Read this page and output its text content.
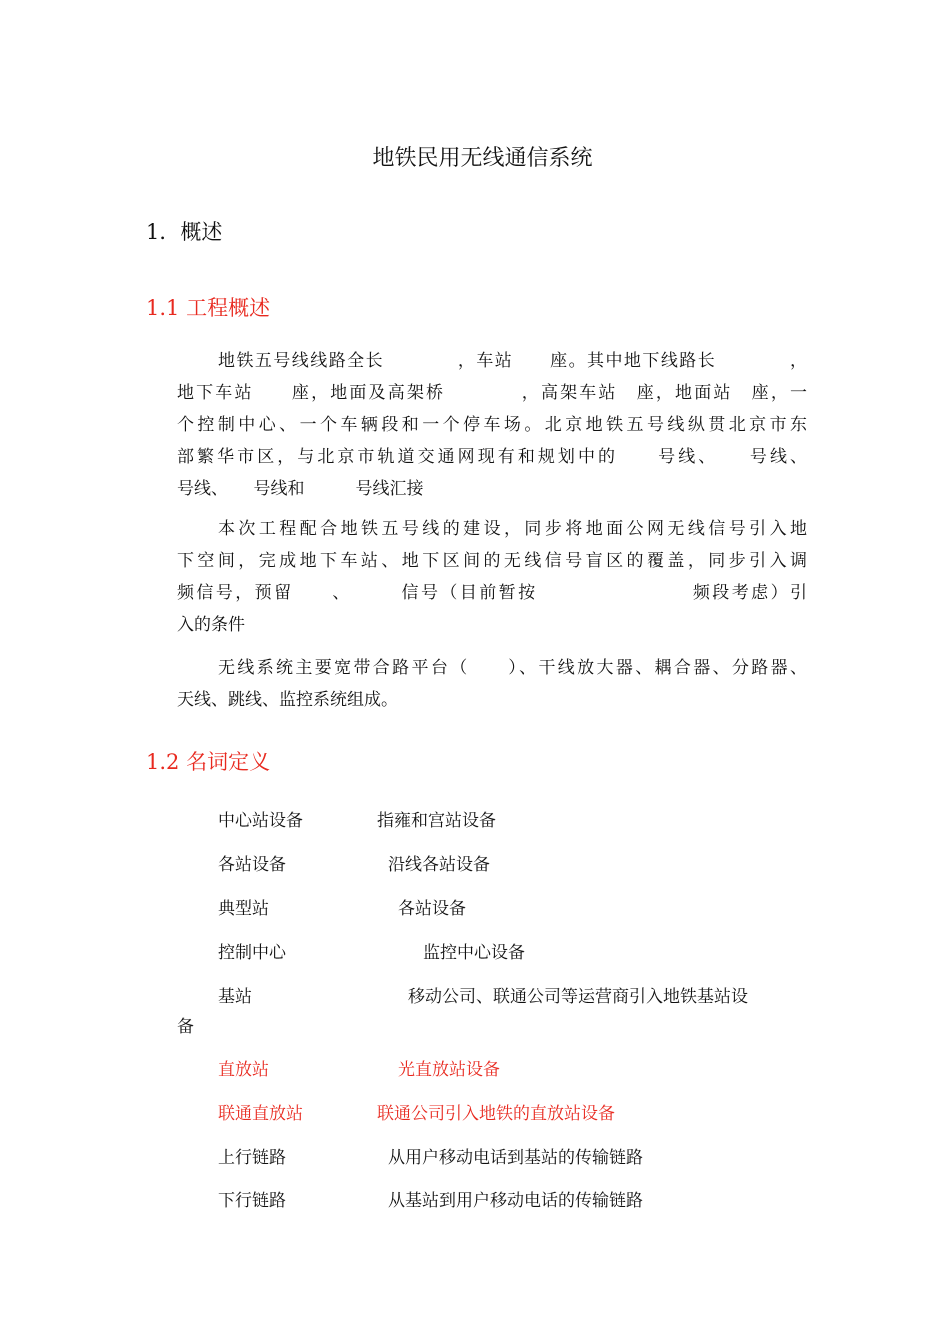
地铁民用无线通信系统
1．概述
1.1 工程概述
地铁五号线线路全长　　　　，车站　　座。其中地下线路长　　　　，
地下车站　　座，地面及高架桥　　　　，高架车站　座，地面站　座，一
个控制中心、一个车辆段和一个停车场。北京地铁五号线纵贯北京市东
部繁华市区，与北京市轨道交通网现有和规划中的　　号线、　　号线、
号线、　　号线和　　　号线汇接
本次工程配合地铁五号线的建设，同步将地面公网无线信号引入地
下空间，完成地下车站、地下区间的无线信号盲区的覆盖，同步引入调
频信号，预留　　、　　　信号（目前暂按　　　　　　　　频段考虑）引
入的条件
无线系统主要宽带合路平台（　　）、干线放大器、耦合器、分路器、
天线、跳线、监控系统组成。
1.2 名词定义
中心站设备	指雍和宫站设备
各站设备	沿线各站设备
典型站	各站设备
控制中心	监控中心设备
基站	移动公司、联通公司等运营商引入地铁基站设
备
直放站	光直放站设备
联通直放站	联通公司引入地铁的直放站设备
上行链路	从用户移动电话到基站的传输链路
下行链路	从基站到用户移动电话的传输链路
